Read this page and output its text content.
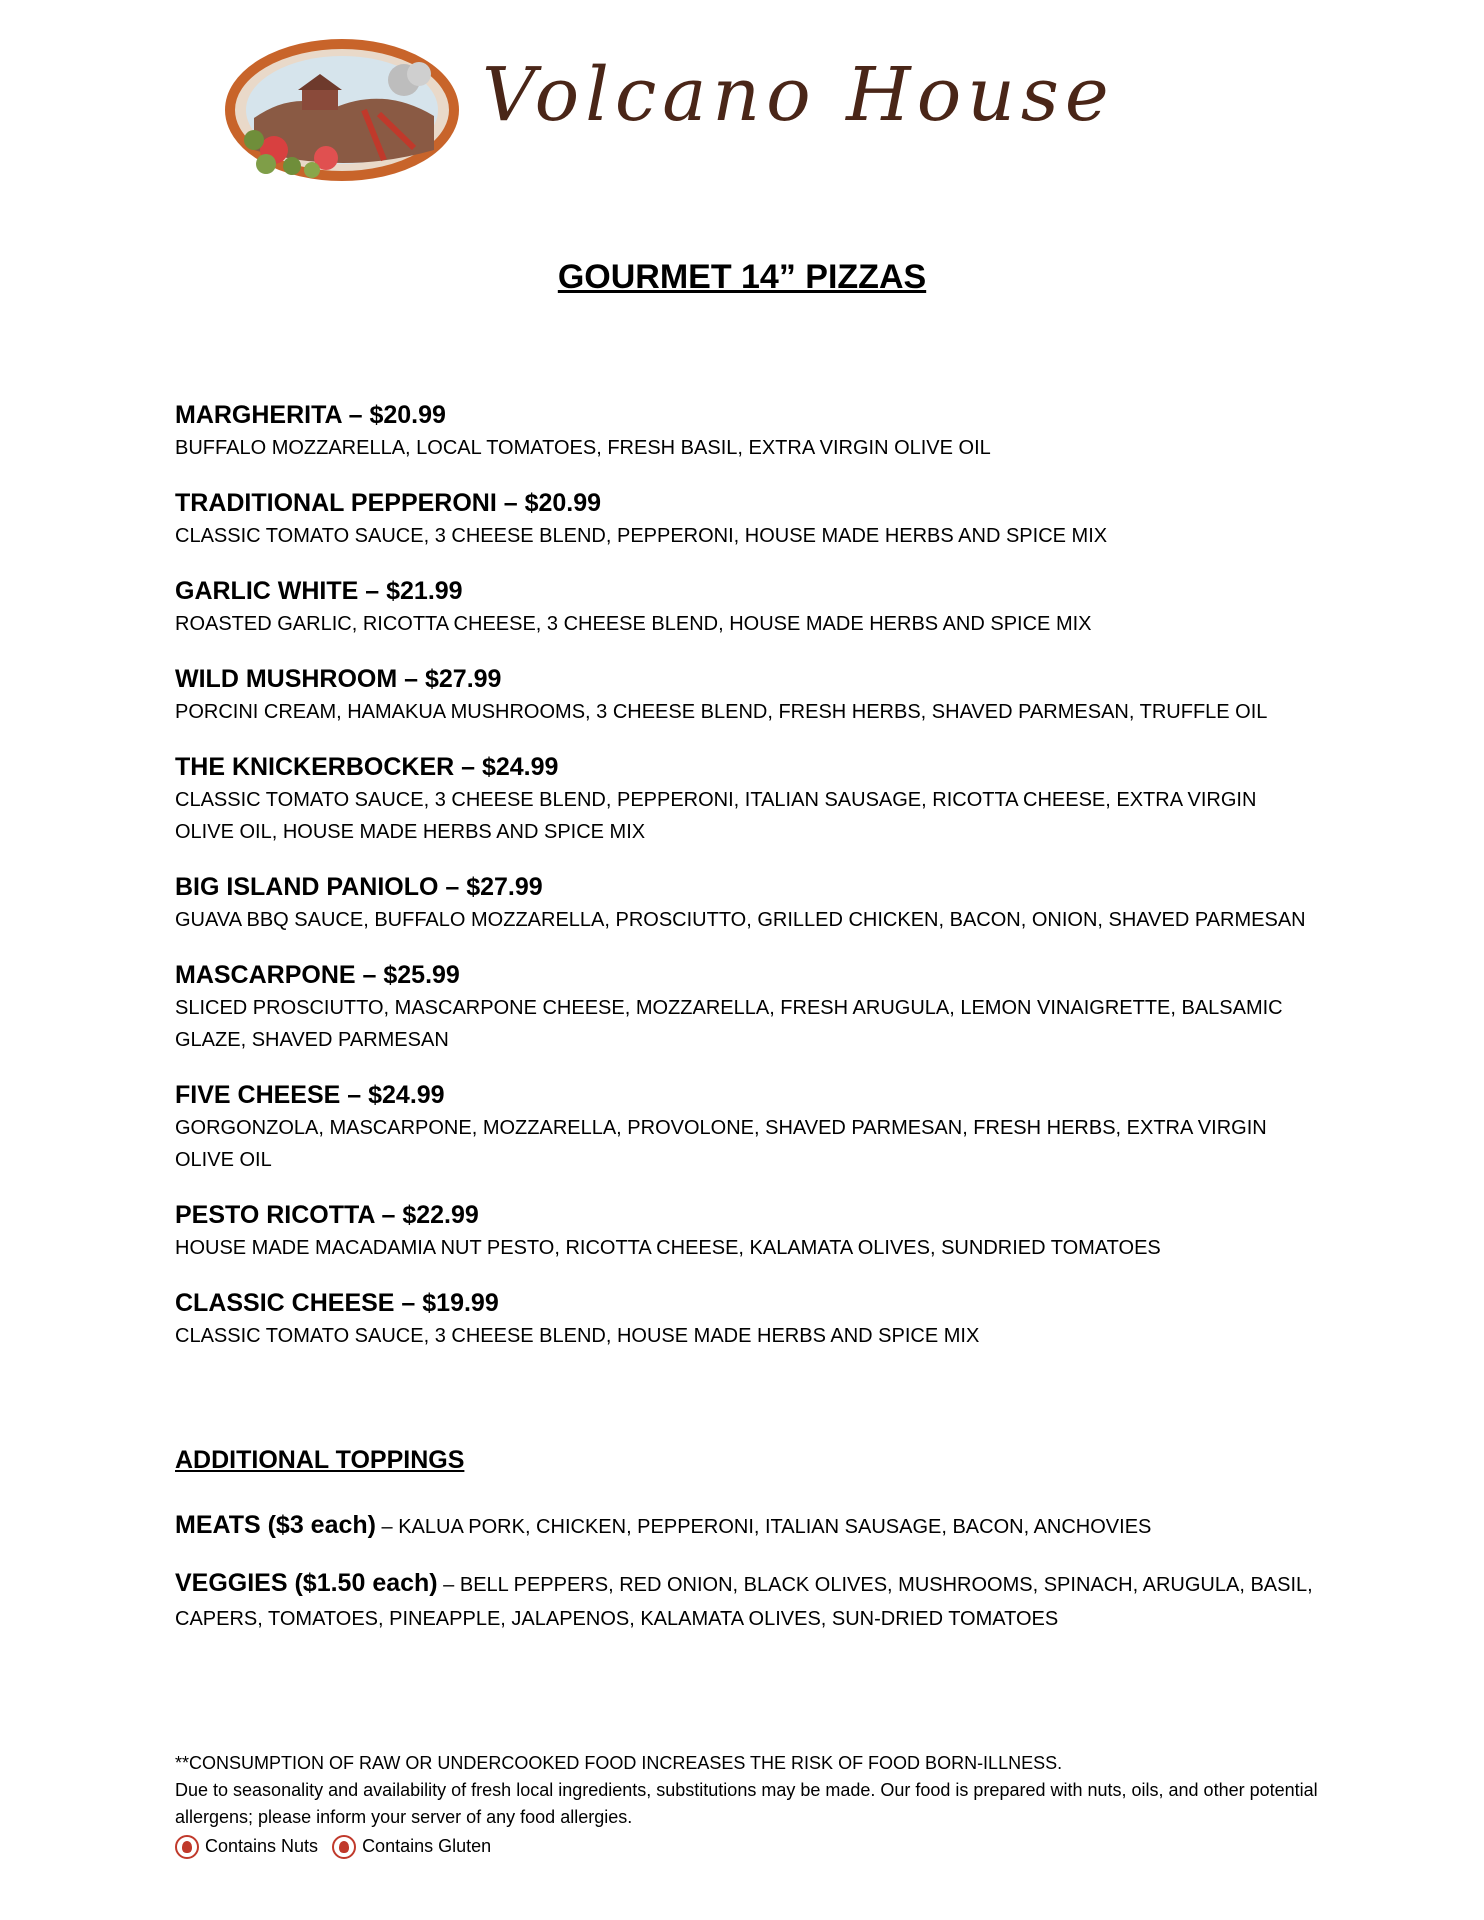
Volcano House
GOURMET 14” PIZZAS
MARGHERITA – $20.99
BUFFALO MOZZARELLA, LOCAL TOMATOES, FRESH BASIL, EXTRA VIRGIN OLIVE OIL
TRADITIONAL PEPPERONI – $20.99
CLASSIC TOMATO SAUCE, 3 CHEESE BLEND, PEPPERONI, HOUSE MADE HERBS AND SPICE MIX
GARLIC WHITE – $21.99
ROASTED GARLIC, RICOTTA CHEESE, 3 CHEESE BLEND, HOUSE MADE HERBS AND SPICE MIX
WILD MUSHROOM – $27.99
PORCINI CREAM, HAMAKUA MUSHROOMS, 3 CHEESE BLEND, FRESH HERBS, SHAVED PARMESAN, TRUFFLE OIL
THE KNICKERBOCKER – $24.99
CLASSIC TOMATO SAUCE, 3 CHEESE BLEND, PEPPERONI, ITALIAN SAUSAGE, RICOTTA CHEESE, EXTRA VIRGIN OLIVE OIL, HOUSE MADE HERBS AND SPICE MIX
BIG ISLAND PANIOLO – $27.99
GUAVA BBQ SAUCE, BUFFALO MOZZARELLA, PROSCIUTTO, GRILLED CHICKEN, BACON, ONION, SHAVED PARMESAN
MASCARPONE – $25.99
SLICED PROSCIUTTO, MASCARPONE CHEESE, MOZZARELLA, FRESH ARUGULA, LEMON VINAIGRETTE, BALSAMIC GLAZE, SHAVED PARMESAN
FIVE CHEESE – $24.99
GORGONZOLA, MASCARPONE, MOZZARELLA, PROVOLONE, SHAVED PARMESAN, FRESH HERBS, EXTRA VIRGIN OLIVE OIL
PESTO RICOTTA – $22.99
HOUSE MADE MACADAMIA NUT PESTO, RICOTTA CHEESE, KALAMATA OLIVES, SUNDRIED TOMATOES
CLASSIC CHEESE – $19.99
CLASSIC TOMATO SAUCE, 3 CHEESE BLEND, HOUSE MADE HERBS AND SPICE MIX
ADDITIONAL TOPPINGS
MEATS ($3 each) – KALUA PORK, CHICKEN, PEPPERONI, ITALIAN SAUSAGE, BACON, ANCHOVIES
VEGGIES ($1.50 each) – BELL PEPPERS, RED ONION, BLACK OLIVES, MUSHROOMS, SPINACH, ARUGULA, BASIL, CAPERS, TOMATOES, PINEAPPLE, JALAPENOS, KALAMATA OLIVES, SUN-DRIED TOMATOES
**CONSUMPTION OF RAW OR UNDERCOOKED FOOD INCREASES THE RISK OF FOOD BORN-ILLNESS.
Due to seasonality and availability of fresh local ingredients, substitutions may be made. Our food is prepared with nuts, oils, and other potential allergens; please inform your server of any food allergies.
Contains Nuts Contains Gluten
